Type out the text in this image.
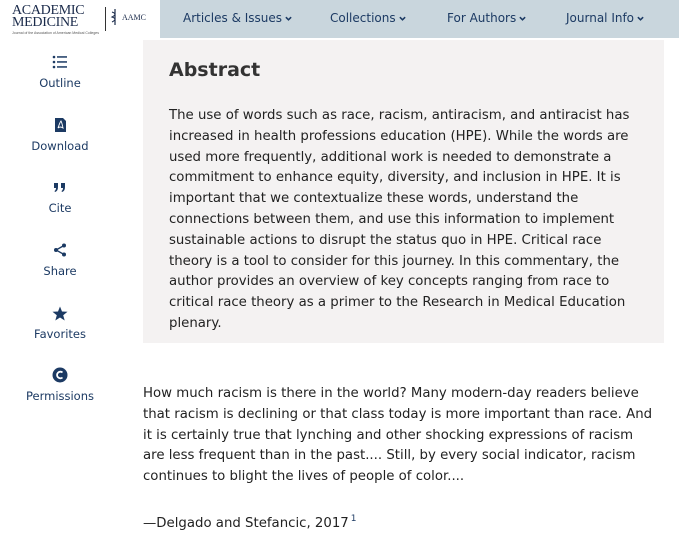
ACADEMIC MEDICINE
Journal of the Association of American Medical Colleges
AAMC	Articles & Issues	Collections	For Authors	Journal Info
Outline
Download
Cite
Share
Favorites
Permissions
Abstract

The use of words such as race, racism, antiracism, and antiracist has increased in health professions education (HPE). While the words are used more frequently, additional work is needed to demonstrate a commitment to enhance equity, diversity, and inclusion in HPE. It is important that we contextualize these words, understand the connections between them, and use this information to implement sustainable actions to disrupt the status quo in HPE. Critical race theory is a tool to consider for this journey. In this commentary, the author provides an overview of key concepts ranging from race to critical race theory as a primer to the Research in Medical Education plenary.

How much racism is there in the world? Many modern-day readers believe that racism is declining or that class today is more important than race. And it is certainly true that lynching and other shocking expressions of racism are less frequent than in the past.... Still, by every social indicator, racism continues to blight the lives of people of color....

—Delgado and Stefancic, 2017 $^1$
